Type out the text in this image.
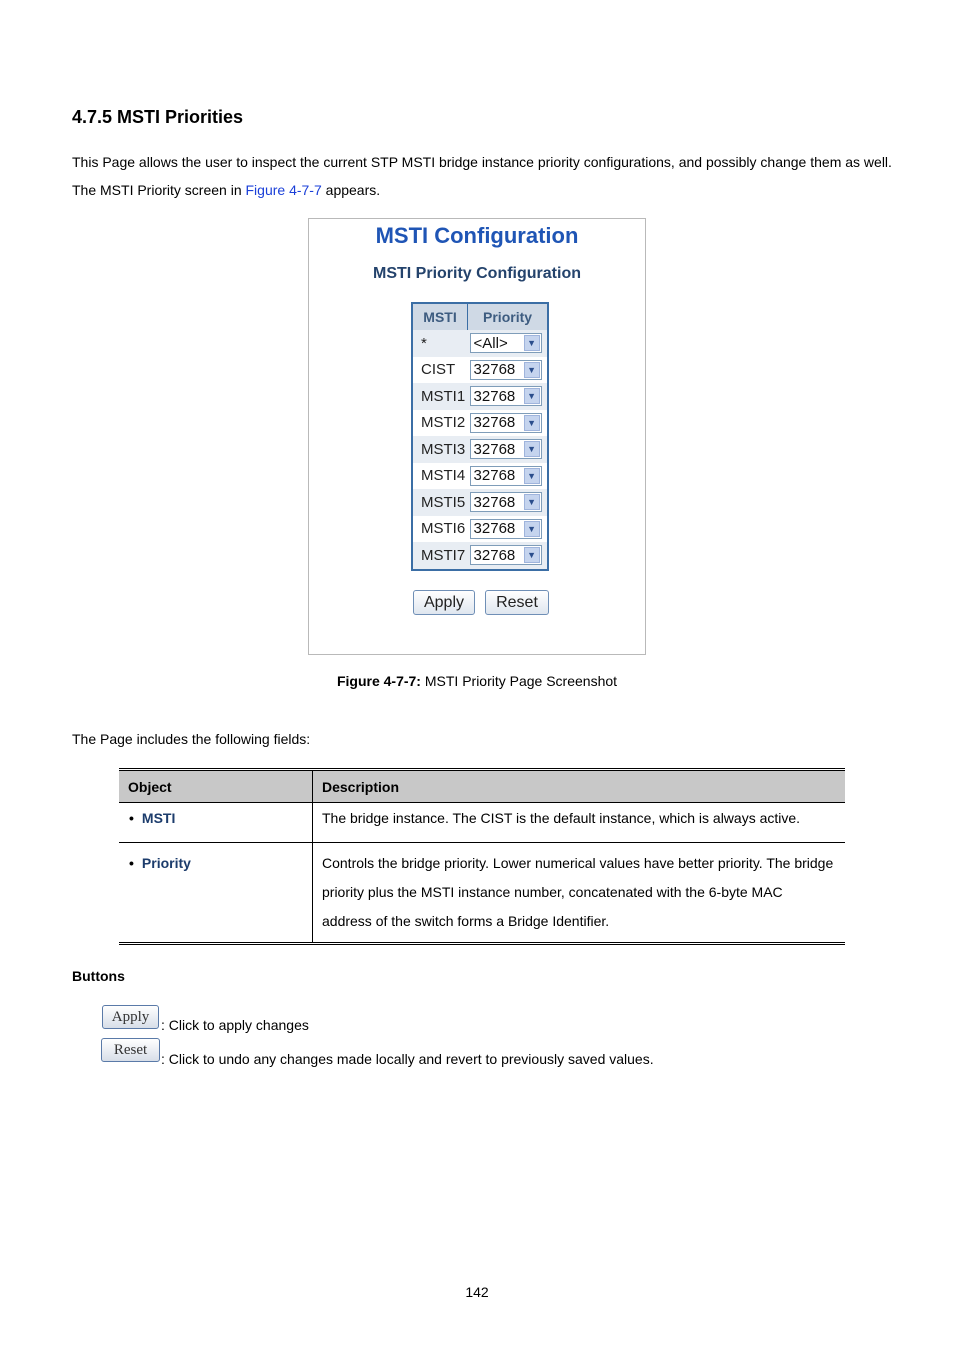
4.7.5 MSTI Priorities

This Page allows the user to inspect the current STP MSTI bridge instance priority configurations, and possibly change them as well. The MSTI Priority screen in Figure 4-7-7 appears.

MSTI Configuration
MSTI Priority Configuration
MSTI	Priority
*	<All> ▼

CIST	32768 ▼

MSTI1	32768 ▼

MSTI2	32768 ▼

MSTI3	32768 ▼

MSTI4	32768 ▼

MSTI5	32768 ▼

MSTI6	32768 ▼

MSTI7	32768 ▼
Apply	Reset
Figure 4-7-7: MSTI Priority Page Screenshot

The Page includes the following fields:

Object	Description
• MSTI	The bridge instance. The CIST is the default instance, which is always active.
• Priority	Controls the bridge priority. Lower numerical values have better priority. The bridge priority plus the MSTI instance number, concatenated with the 6-byte MAC address of the switch forms a Bridge Identifier.

Buttons

Apply
: Click to apply changes
Reset
: Click to undo any changes made locally and revert to previously saved values.
142
